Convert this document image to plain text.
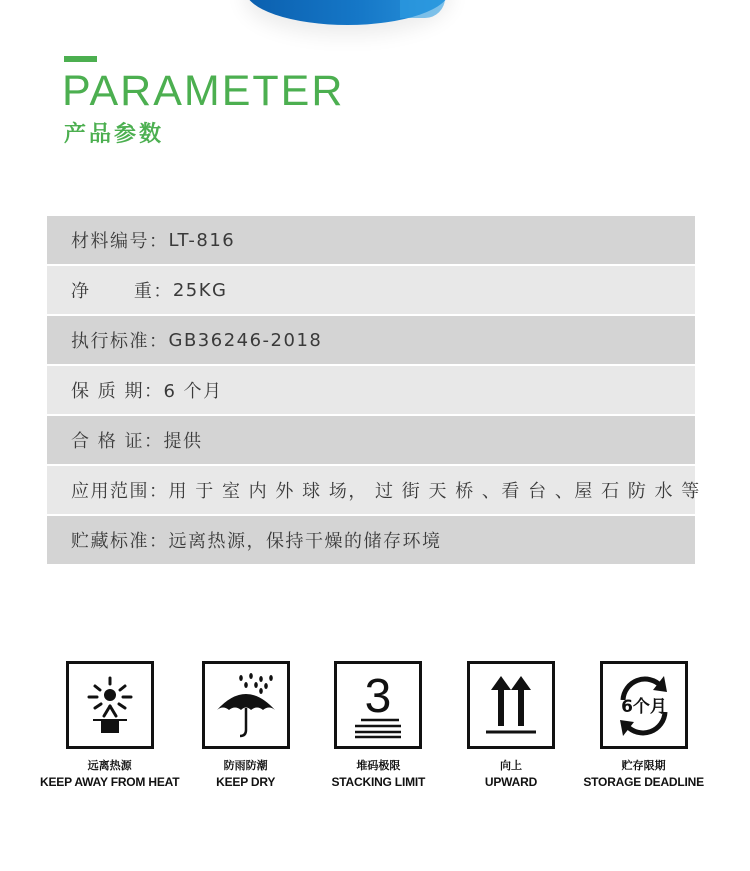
PARAMETER
产品参数
材料编号： LT-816
净      重： 25KG
执行标准： GB36246-2018
保 质 期： 6 个月
合 格 证： 提供
应用范围： 用 于 室 内 外 球 场， 过 街 天 桥 、看 台 、屋 石 防 水 等
贮藏标准： 远离热源，保持干燥的储存环境
远离热源
KEEP AWAY FROM HEAT
防雨防潮
KEEP DRY
3
堆码极限
STACKING LIMIT
向上
UPWARD
6个月
贮存限期
STORAGE DEADLINE
